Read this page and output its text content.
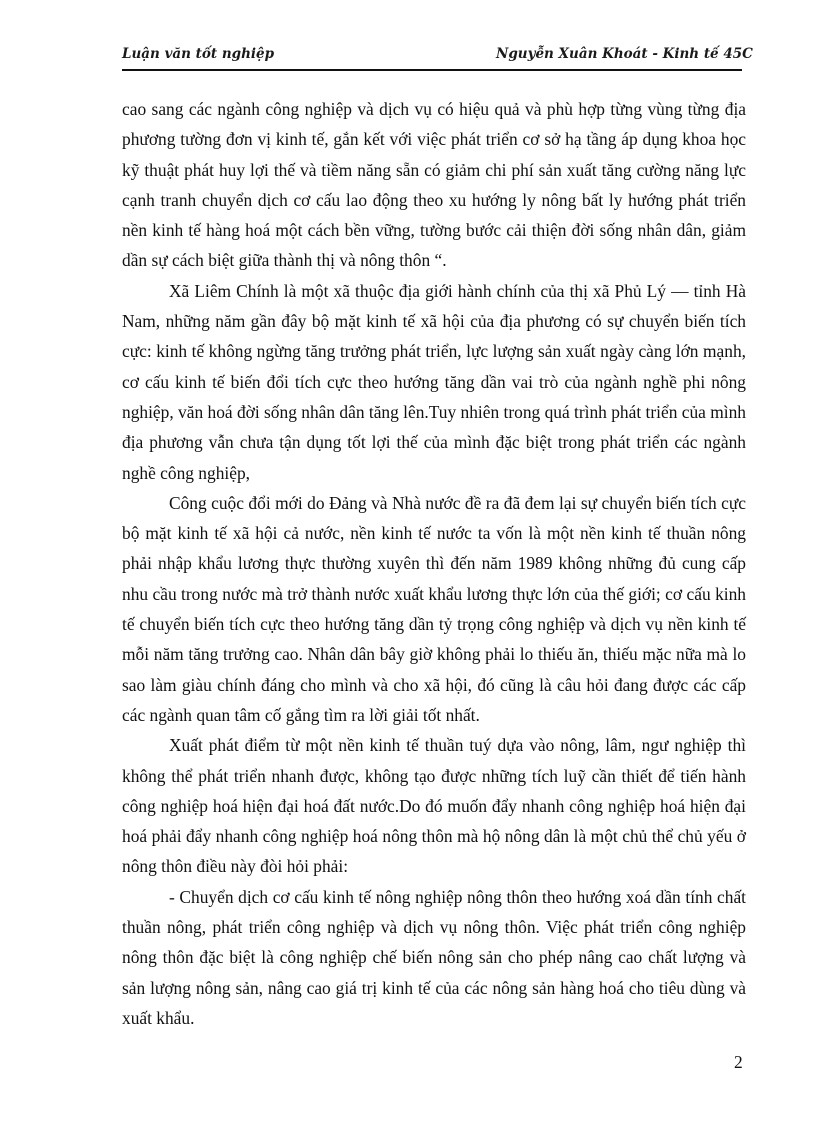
Luận văn tốt nghiệp	Nguyễn Xuân Khoát - Kinh tế 45C

cao sang các ngành công nghiệp và dịch vụ có hiệu quả và phù hợp từng vùng từng địa phương tường đơn vị kinh tế, gắn kết với việc phát triển cơ sở hạ tầng áp dụng khoa học kỹ thuật phát huy lợi thế và tiềm năng sẵn có giảm chi phí sản xuất tăng cường năng lực cạnh tranh chuyển dịch cơ cấu lao động theo xu hướng ly nông bất ly hướng phát triển nền kinh tế hàng hoá một cách bền vững, tường bước cải thiện đời sống nhân dân, giảm dần sự cách biệt giữa thành thị và nông thôn “.

Xã Liêm Chính là một xã thuộc địa giới hành chính của thị xã Phủ Lý — tỉnh Hà Nam, những năm gần đây bộ mặt kinh tế xã hội của địa phương có sự chuyển biến tích cực: kinh tế không ngừng tăng trưởng phát triển, lực lượng sản xuất ngày càng lớn mạnh, cơ cấu kinh tế biến đổi tích cực theo hướng tăng dần vai trò của ngành nghề phi nông nghiệp, văn hoá đời sống nhân dân tăng lên.Tuy nhiên trong quá trình phát triển của mình địa phương vẫn chưa tận dụng tốt lợi thế của mình đặc biệt trong phát triển các ngành nghề công nghiệp,

Công cuộc đổi mới do Đảng và Nhà nước đề ra đã đem lại sự chuyển biến tích cực bộ mặt kinh tế xã hội cả nước, nền kinh tế nước ta vốn là một nền kinh tế thuần nông phải nhập khẩu lương thực thường xuyên thì đến năm 1989 không những đủ cung cấp nhu cầu trong nước mà trở thành nước xuất khẩu lương thực lớn của thế giới; cơ cấu kinh tế chuyển biến tích cực theo hướng tăng dần tỷ trọng công nghiệp và dịch vụ nền kinh tế mỗi năm tăng trưởng cao. Nhân dân bây giờ không phải lo thiếu ăn, thiếu mặc nữa mà lo sao làm giàu chính đáng cho mình và cho xã hội, đó cũng là câu hỏi đang được các cấp các ngành quan tâm cố gắng tìm ra lời giải tốt nhất.

Xuất phát điểm từ một nền kinh tế thuần tuý dựa vào nông, lâm, ngư nghiệp thì không thể phát triển nhanh được, không tạo được những tích luỹ cần thiết để tiến hành công nghiệp hoá hiện đại hoá đất nước.Do đó muốn đẩy nhanh công nghiệp hoá hiện đại hoá phải đẩy nhanh công nghiệp hoá nông thôn mà hộ nông dân là một chủ thể chủ yếu ở nông thôn điều này đòi hỏi phải:

- Chuyển dịch cơ cấu kinh tế nông nghiệp nông thôn theo hướng xoá dần tính chất thuần nông, phát triển công nghiệp và dịch vụ nông thôn. Việc phát triển công nghiệp nông thôn đặc biệt là công nghiệp chế biến nông sản cho phép nâng cao chất lượng và sản lượng nông sản, nâng cao giá trị kinh tế của các nông sản hàng hoá cho tiêu dùng và xuất khẩu.

2
